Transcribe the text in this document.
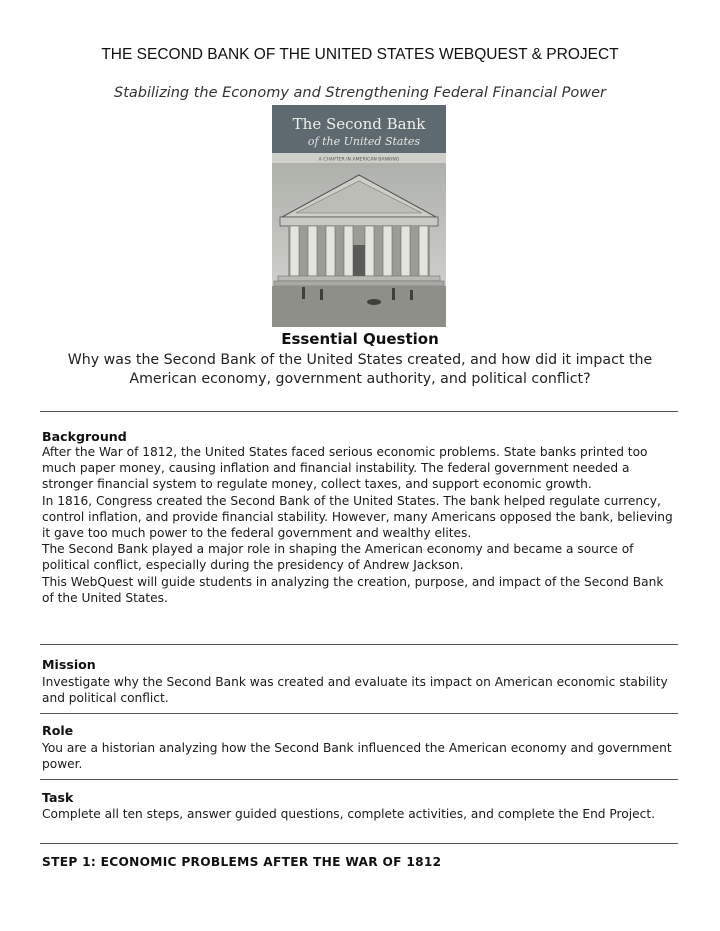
THE SECOND BANK OF THE UNITED STATES WEBQUEST & PROJECT
Stabilizing the Economy and Strengthening Federal Financial Power
The Second Bank
of the United States
A CHAPTER IN AMERICAN BANKING
Essential Question
Why was the Second Bank of the United States created, and how did it impact the American economy, government authority, and political conflict?
Background

After the War of 1812, the United States faced serious economic problems. State banks printed too much paper money, causing inflation and financial instability. The federal government needed a stronger financial system to regulate money, collect taxes, and support economic growth.

In 1816, Congress created the Second Bank of the United States. The bank helped regulate currency, control inflation, and provide financial stability. However, many Americans opposed the bank, believing it gave too much power to the federal government and wealthy elites.

The Second Bank played a major role in shaping the American economy and became a source of political conflict, especially during the presidency of Andrew Jackson.

This WebQuest will guide students in analyzing the creation, purpose, and impact of the Second Bank of the United States.

Mission
Investigate why the Second Bank was created and evaluate its impact on American economic stability and political conflict.
Role
You are a historian analyzing how the Second Bank influenced the American economy and government power.
Task
Complete all ten steps, answer guided questions, complete activities, and complete the End Project.
STEP 1: ECONOMIC PROBLEMS AFTER THE WAR OF 1812
